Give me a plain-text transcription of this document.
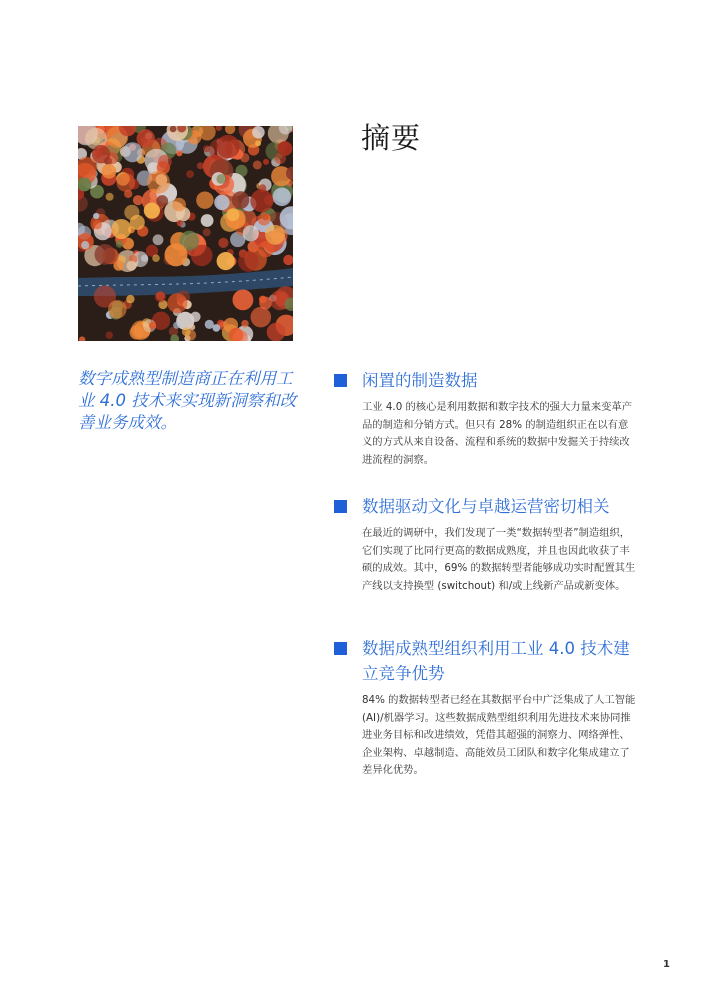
摘要

数字成熟型制造商正在利用工业 4.0 技术来实现新洞察和改善业务成效。

闲置的制造数据

工业 4.0 的核心是利用数据和数字技术的强大力量来变革产品的制造和分销方式。但只有 28% 的制造组织正在以有意义的方式从来自设备、流程和系统的数据中发掘关于持续改进流程的洞察。

数据驱动文化与卓越运营密切相关

在最近的调研中，我们发现了一类“数据转型者”制造组织，它们实现了比同行更高的数据成熟度，并且也因此收获了丰硕的成效。其中，69% 的数据转型者能够成功实时配置其生产线以支持换型 (switchout) 和/或上线新产品或新变体。

数据成熟型组织利用工业 4.0 技术建立竞争优势

84% 的数据转型者已经在其数据平台中广泛集成了人工智能 (AI)/机器学习。这些数据成熟型组织利用先进技术来协同推进业务目标和改进绩效，凭借其超强的洞察力、网络弹性、企业架构、卓越制造、高能效员工团队和数字化集成建立了差异化优势。

1
